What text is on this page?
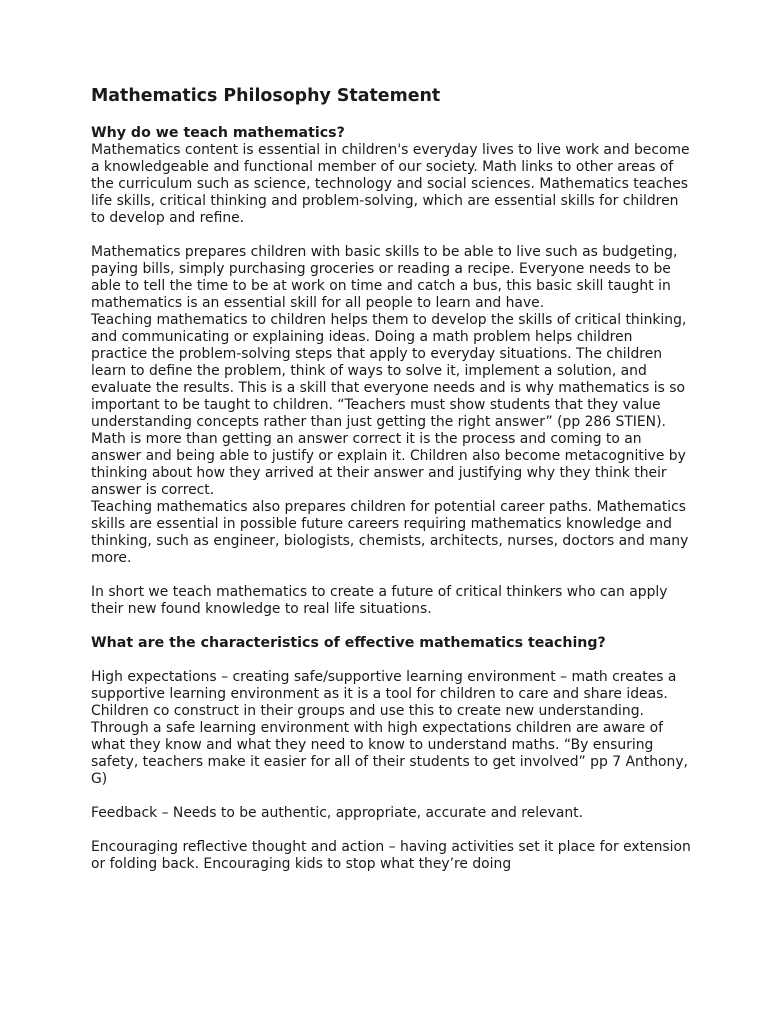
Mathematics Philosophy Statement
Why do we teach mathematics?

Mathematics content is essential in children's everyday lives to live work and become a knowledgeable and functional member of our society. Math links to other areas of the curriculum such as science, technology and social sciences. Mathematics teaches life skills, critical thinking and problem-solving, which are essential skills for children to develop and refine.

Mathematics prepares children with basic skills to be able to live such as budgeting, paying bills, simply purchasing groceries or reading a recipe. Everyone needs to be able to tell the time to be at work on time and catch a bus, this basic skill taught in mathematics is an essential skill for all people to learn and have.

Teaching mathematics to children helps them to develop the skills of critical thinking, and communicating or explaining ideas. Doing a math problem helps children practice the problem-solving steps that apply to everyday situations. The children learn to define the problem, think of ways to solve it, implement a solution, and evaluate the results. This is a skill that everyone needs and is why mathematics is so important to be taught to children. “Teachers must show students that they value understanding concepts rather than just getting the right answer” (pp 286 STIEN). Math is more than getting an answer correct it is the process and coming to an answer and being able to justify or explain it. Children also become metacognitive by thinking about how they arrived at their answer and justifying why they think their answer is correct.

Teaching mathematics also prepares children for potential career paths. Mathematics skills are essential in possible future careers requiring mathematics knowledge and thinking, such as engineer, biologists, chemists, architects, nurses, doctors and many more.

In short we teach mathematics to create a future of critical thinkers who can apply their new found knowledge to real life situations.

What are the characteristics of effective mathematics teaching?

High expectations – creating safe/supportive learning environment – math creates a supportive learning environment as it is a tool for children to care and share ideas. Children co construct in their groups and use this to create new understanding. Through a safe learning environment with high expectations children are aware of what they know and what they need to know to understand maths. “By ensuring safety, teachers make it easier for all of their students to get involved” pp 7 Anthony, G)

Feedback – Needs to be authentic, appropriate, accurate and relevant.

Encouraging reflective thought and action – having activities set it place for extension or folding back. Encouraging kids to stop what they’re doing
